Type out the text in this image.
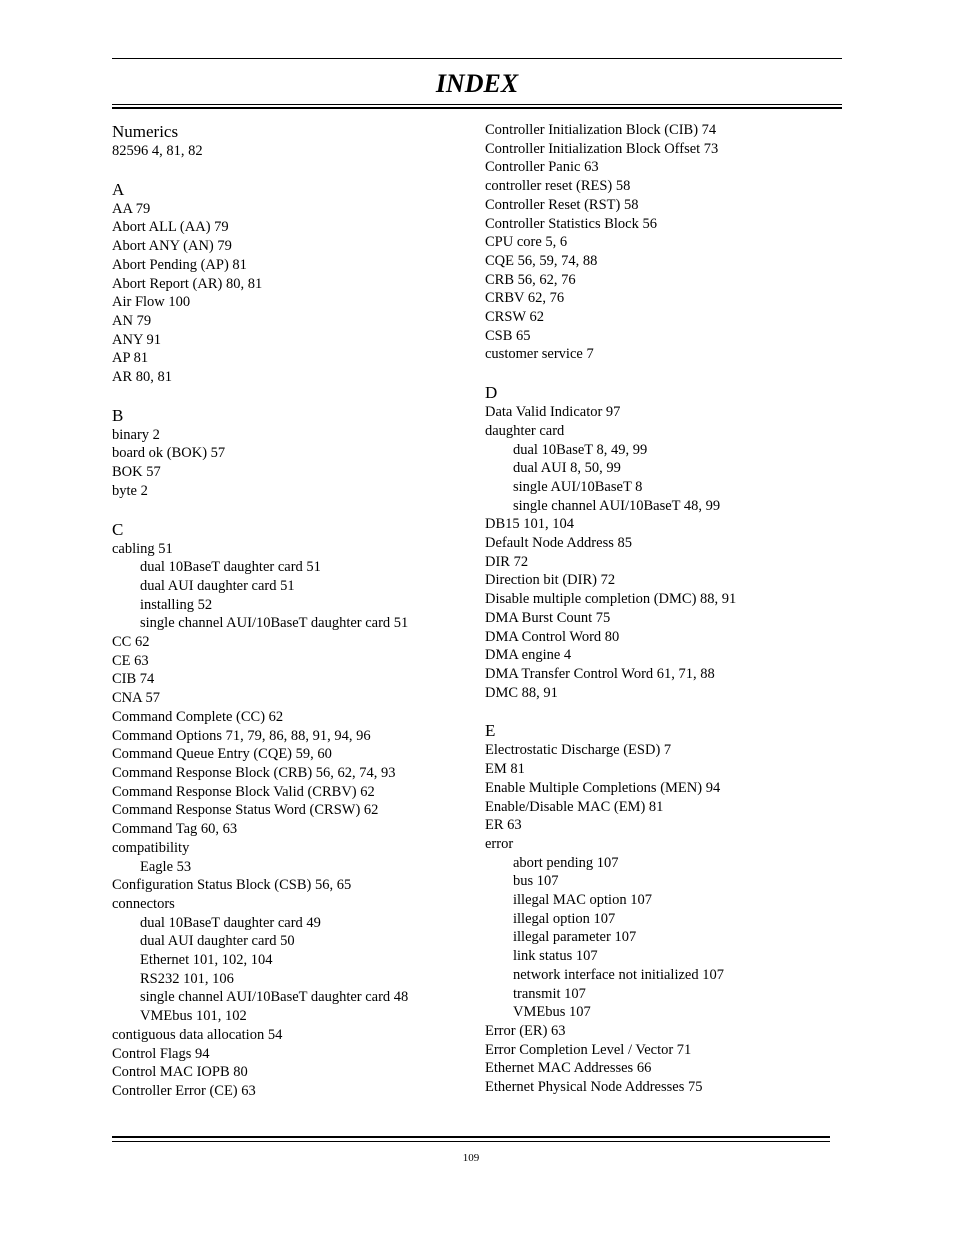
INDEX
Numerics
82596 4, 81, 82
A
AA 79
Abort ALL (AA) 79
Abort ANY (AN) 79
Abort Pending (AP) 81
Abort Report (AR) 80, 81
Air Flow 100
AN 79
ANY 91
AP 81
AR 80, 81
B
binary 2
board ok (BOK) 57
BOK 57
byte 2
C
cabling 51
dual 10BaseT daughter card 51
dual AUI daughter card 51
installing 52
single channel AUI/10BaseT daughter card 51
CC 62
CE 63
CIB 74
CNA 57
Command Complete (CC) 62
Command Options 71, 79, 86, 88, 91, 94, 96
Command Queue Entry (CQE) 59, 60
Command Response Block (CRB) 56, 62, 74, 93
Command Response Block Valid (CRBV) 62
Command Response Status Word (CRSW) 62
Command Tag 60, 63
compatibility
Eagle 53
Configuration Status Block (CSB) 56, 65
connectors
dual 10BaseT daughter card 49
dual AUI daughter card 50
Ethernet 101, 102, 104
RS232 101, 106
single channel AUI/10BaseT daughter card 48
VMEbus 101, 102
contiguous data allocation 54
Control Flags 94
Control MAC IOPB 80
Controller Error (CE) 63
Controller Initialization Block (CIB) 74
Controller Initialization Block Offset 73
Controller Panic 63
controller reset (RES) 58
Controller Reset (RST) 58
Controller Statistics Block 56
CPU core 5, 6
CQE 56, 59, 74, 88
CRB 56, 62, 76
CRBV 62, 76
CRSW 62
CSB 65
customer service 7
D
Data Valid Indicator 97
daughter card
dual 10BaseT 8, 49, 99
dual AUI 8, 50, 99
single AUI/10BaseT 8
single channel AUI/10BaseT 48, 99
DB15 101, 104
Default Node Address 85
DIR 72
Direction bit (DIR) 72
Disable multiple completion (DMC) 88, 91
DMA Burst Count 75
DMA Control Word 80
DMA engine 4
DMA Transfer Control Word 61, 71, 88
DMC 88, 91
E
Electrostatic Discharge (ESD) 7
EM 81
Enable Multiple Completions (MEN) 94
Enable/Disable MAC (EM) 81
ER 63
error
abort pending 107
bus 107
illegal MAC option 107
illegal option 107
illegal parameter 107
link status 107
network interface not initialized 107
transmit 107
VMEbus 107
Error (ER) 63
Error Completion Level / Vector 71
Ethernet MAC Addresses 66
Ethernet Physical Node Addresses 75
109
